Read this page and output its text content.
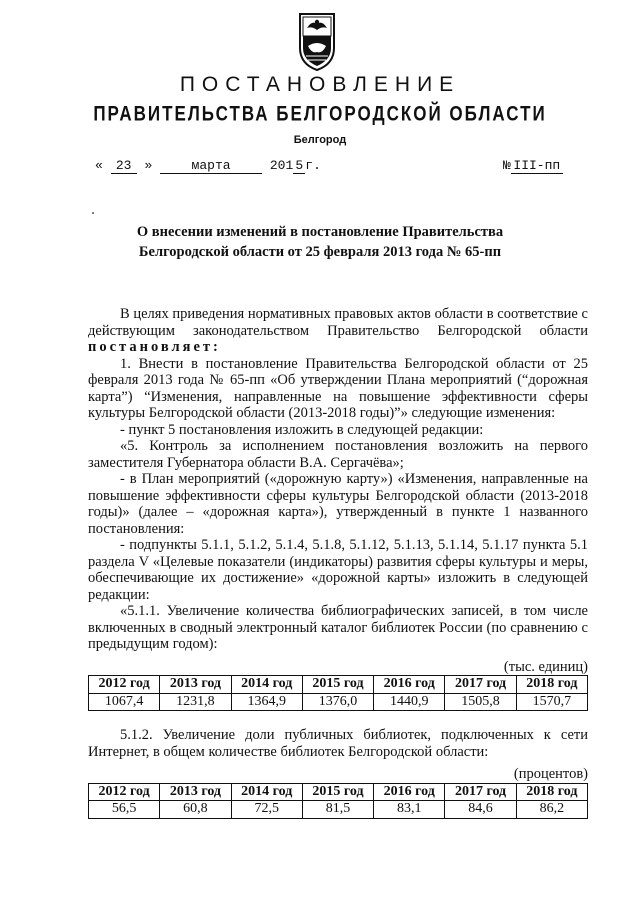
ПОСТАНОВЛЕНИЕ
ПРАВИТЕЛЬСТВА БЕЛГОРОДСКОЙ ОБЛАСТИ
Белгород
« 23 »	марта	201 5 г.	№ III-пп
О внесении изменений в постановление Правительства
Белгородской области от 25 февраля 2013 года № 65-пп

В целях приведения нормативных правовых актов области в соответствие с действующим законодательством Правительство Белгородской области постановляет:

1. Внести в постановление Правительства Белгородской области от 25 февраля 2013 года № 65-пп «Об утверждении Плана мероприятий (“дорожная карта”) “Изменения, направленные на повышение эффективности сферы культуры Белгородской области (2013-2018 годы)”» следующие изменения:

- пункт 5 постановления изложить в следующей редакции:

«5. Контроль за исполнением постановления возложить на первого заместителя Губернатора области В.А. Сергачёва»;

- в План мероприятий («дорожную карту») «Изменения, направленные на повышение эффективности сферы культуры Белгородской области (2013-2018 годы)» (далее – «дорожная карта»), утвержденный в пункте 1 названного постановления:

- подпункты 5.1.1, 5.1.2, 5.1.4, 5.1.8, 5.1.12, 5.1.13, 5.1.14, 5.1.17 пункта 5.1 раздела V «Целевые показатели (индикаторы) развития сферы культуры и меры, обеспечивающие их достижение» «дорожной карты» изложить в следующей редакции:

«5.1.1. Увеличение количества библиографических записей, в том числе включенных в сводный электронный каталог библиотек России (по сравнению с предыдущим годом):

(тыс. единиц)

2012 год	2013 год	2014 год	2015 год	2016 год	2017 год	2018 год
1067,4	1231,8	1364,9	1376,0	1440,9	1505,8	1570,7

5.1.2. Увеличение доли публичных библиотек, подключенных к сети Интернет, в общем количестве библиотек Белгородской области:

(процентов)

2012 год	2013 год	2014 год	2015 год	2016 год	2017 год	2018 год
56,5	60,8	72,5	81,5	83,1	84,6	86,2
